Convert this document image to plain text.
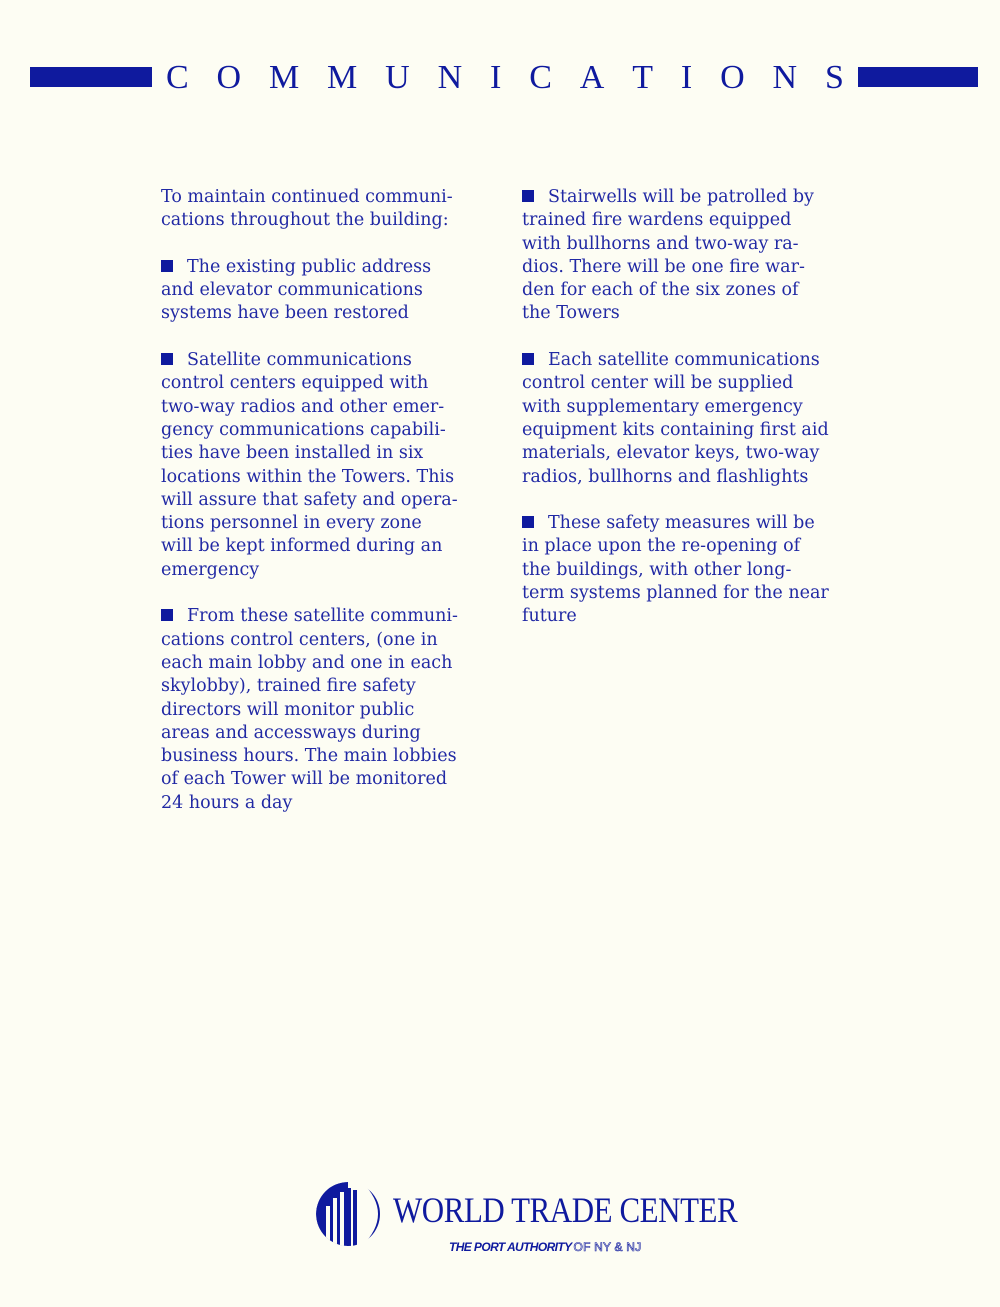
C O M M U N I C A T I O N S

To maintain continued communi-
cations throughout the building:

The existing public address
and elevator communications
systems have been restored

Satellite communications
control centers equipped with
two-way radios and other emer-
gency communications capabili-
ties have been installed in six
locations within the Towers. This
will assure that safety and opera-
tions personnel in every zone
will be kept informed during an
emergency

From these satellite communi-
cations control centers, (one in
each main lobby and one in each
skylobby), trained fire safety
directors will monitor public
areas and accessways during
business hours. The main lobbies
of each Tower will be monitored
24 hours a day

Stairwells will be patrolled by
trained fire wardens equipped
with bullhorns and two-way ra-
dios. There will be one fire war-
den for each of the six zones of
the Towers

Each satellite communications
control center will be supplied
with supplementary emergency
equipment kits containing first aid
materials, elevator keys, two-way
radios, bullhorns and flashlights

These safety measures will be
in place upon the re-opening of
the buildings, with other long-
term systems planned for the near
future

WORLD TRADE CENTER
THE PORT AUTHORITY OF NY & NJ
